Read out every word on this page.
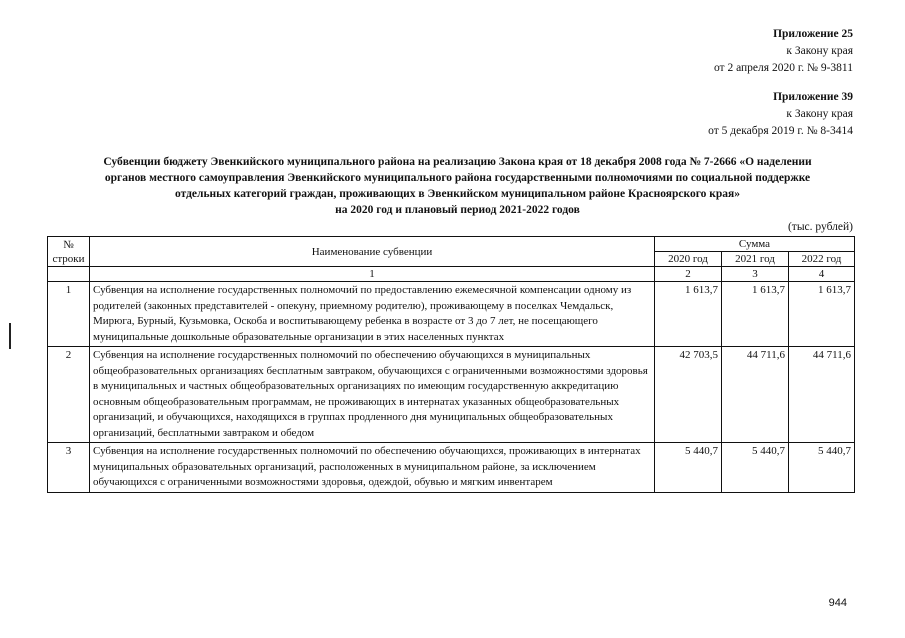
Приложение 25
к Закону края
от 2 апреля 2020 г. № 9-3811
Приложение 39
к Закону края
от 5 декабря 2019 г. № 8-3414
Субвенции бюджету Эвенкийского муниципального района на реализацию Закона края от 18 декабря 2008 года № 7-2666 «О наделении
органов местного самоуправления Эвенкийского муниципального района государственными полномочиями по социальной поддержке
отдельных категорий граждан, проживающих в Эвенкийском муниципальном районе Красноярского края»
на 2020 год и плановый период 2021-2022 годов
(тыс. рублей)
№
строки	Наименование субвенции	Сумма		
		2020 год	2021 год	2022 год
	1	2	3	4
1	Субвенция на исполнение государственных полномочий по предоставлению ежемесячной компенсации одному из родителей (законных представителей - опекуну, приемному родителю), проживающему в поселках Чемдальск, Мирюга, Бурный, Кузьмовка, Оскоба и воспитывающему ребенка в возрасте от 3 до 7 лет, не посещающего муниципальные дошкольные образовательные организации в этих населенных пунктах	1 613,7	1 613,7	1 613,7
2	Субвенция на исполнение государственных полномочий по обеспечению обучающихся в муниципальных общеобразовательных организациях бесплатным завтраком, обучающихся с ограниченными возможностями здоровья в муниципальных и частных общеобразовательных организациях по имеющим государственную аккредитацию основным общеобразовательным программам, не проживающих в интернатах указанных общеобразовательных организаций, и обучающихся, находящихся в группах продленного дня муниципальных общеобразовательных организаций, бесплатными завтраком и обедом	42 703,5	44 711,6	44 711,6
3	Субвенция на исполнение государственных полномочий по обеспечению обучающихся, проживающих в интернатах муниципальных образовательных организаций, расположенных в муниципальном районе, за исключением обучающихся с ограниченными возможностями здоровья, одеждой, обувью и мягким инвентарем	5 440,7	5 440,7	5 440,7
944
